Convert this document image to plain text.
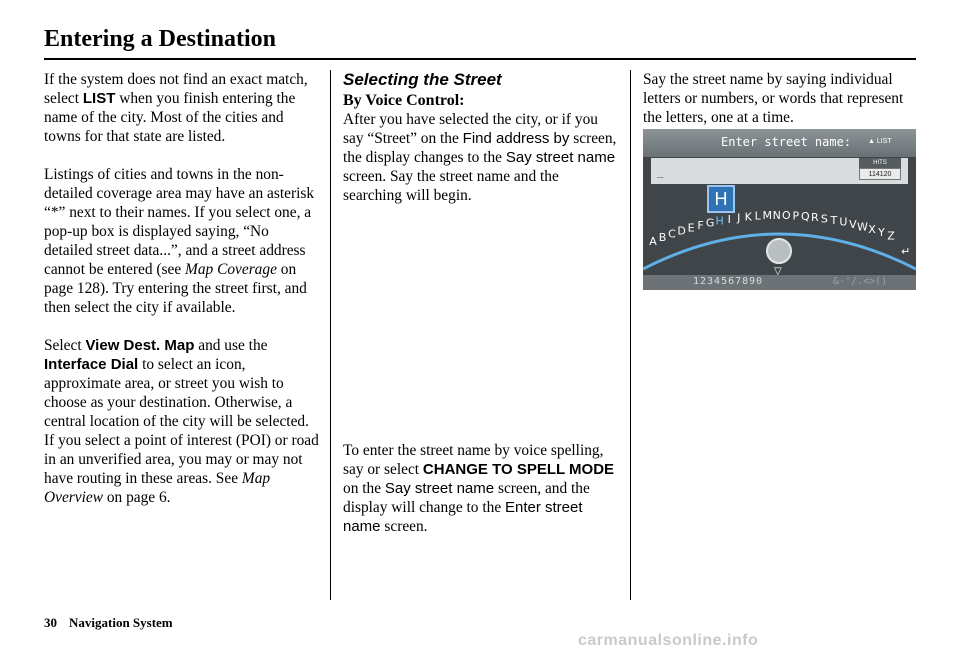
Entering a Destination

If the system does not find an exact match, select LIST when you finish entering the name of the city. Most of the cities and towns for that state are listed.

Listings of cities and towns in the non-detailed coverage area may have an asterisk “*” next to their names. If you select one, a pop-up box is displayed saying, “No detailed street data...”, and a street address cannot be entered (see Map Coverage on page 128). Try entering the street first, and then select the city if available.

Select View Dest. Map and use the Interface Dial to select an icon, approximate area, or street you wish to choose as your destination. Otherwise, a central location of the city will be selected. If you select a point of interest (POI) or road in an unverified area, you may or may not have routing in these areas. See Map Overview on page 6.

Selecting the Street
By Voice Control:

After you have selected the city, or if you say “Street” on the Find address by screen, the display changes to the Say street name screen. Say the street name and the searching will begin.

To enter the street name by voice spelling, say or select CHANGE TO SPELL MODE on the Say street name screen, and the display will change to the Enter street name screen.

Say the street name by saying individual letters or numbers, or words that represent the letters, one at a time.

Enter street name: ▲ LIST
_
HITS
114120
A B C D E F G H I J K L M N O P Q R S T U V W X Y Z
↵
▽
H
1234567890	&-'/.<>()
30 Navigation System
carmanualsonline.info
